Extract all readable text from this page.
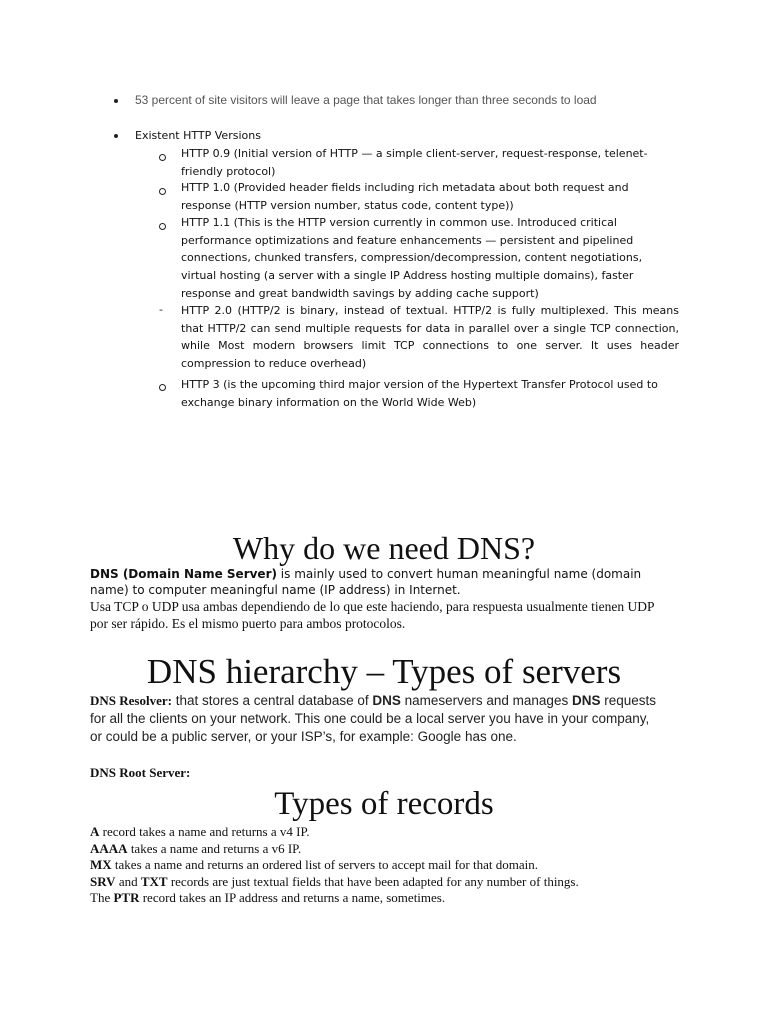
53 percent of site visitors will leave a page that takes longer than three seconds to load
Existent HTTP Versions
HTTP 0.9 (Initial version of HTTP — a simple client-server, request-response, telenet-friendly protocol)
HTTP 1.0 (Provided header fields including rich metadata about both request and response (HTTP version number, status code, content type))
HTTP 1.1 (This is the HTTP version currently in common use. Introduced critical performance optimizations and feature enhancements — persistent and pipelined connections, chunked transfers, compression/decompression, content negotiations, virtual hosting (a server with a single IP Address hosting multiple domains), faster response and great bandwidth savings by adding cache support)
- HTTP 2.0 (HTTP/2 is binary, instead of textual. HTTP/2 is fully multiplexed. This means that HTTP/2 can send multiple requests for data in parallel over a single TCP connection, while Most modern browsers limit TCP connections to one server. It uses header compression to reduce overhead)
HTTP 3 (is the upcoming third major version of the Hypertext Transfer Protocol used to exchange binary information on the World Wide Web)
Why do we need DNS?
DNS (Domain Name Server) is mainly used to convert human meaningful name (domain name) to computer meaningful name (IP address) in Internet.
Usa TCP o UDP usa ambas dependiendo de lo que este haciendo, para respuesta usualmente tienen UDP por ser rápido. Es el mismo puerto para ambos protocolos.
DNS hierarchy – Types of servers
DNS Resolver: that stores a central database of DNS nameservers and manages DNS requests for all the clients on your network. This one could be a local server you have in your company, or could be a public server, or your ISP’s, for example: Google has one.
DNS Root Server:
Types of records
A record takes a name and returns a v4 IP.
AAAA takes a name and returns a v6 IP.
MX takes a name and returns an ordered list of servers to accept mail for that domain.
SRV and TXT records are just textual fields that have been adapted for any number of things.
The PTR record takes an IP address and returns a name, sometimes.
